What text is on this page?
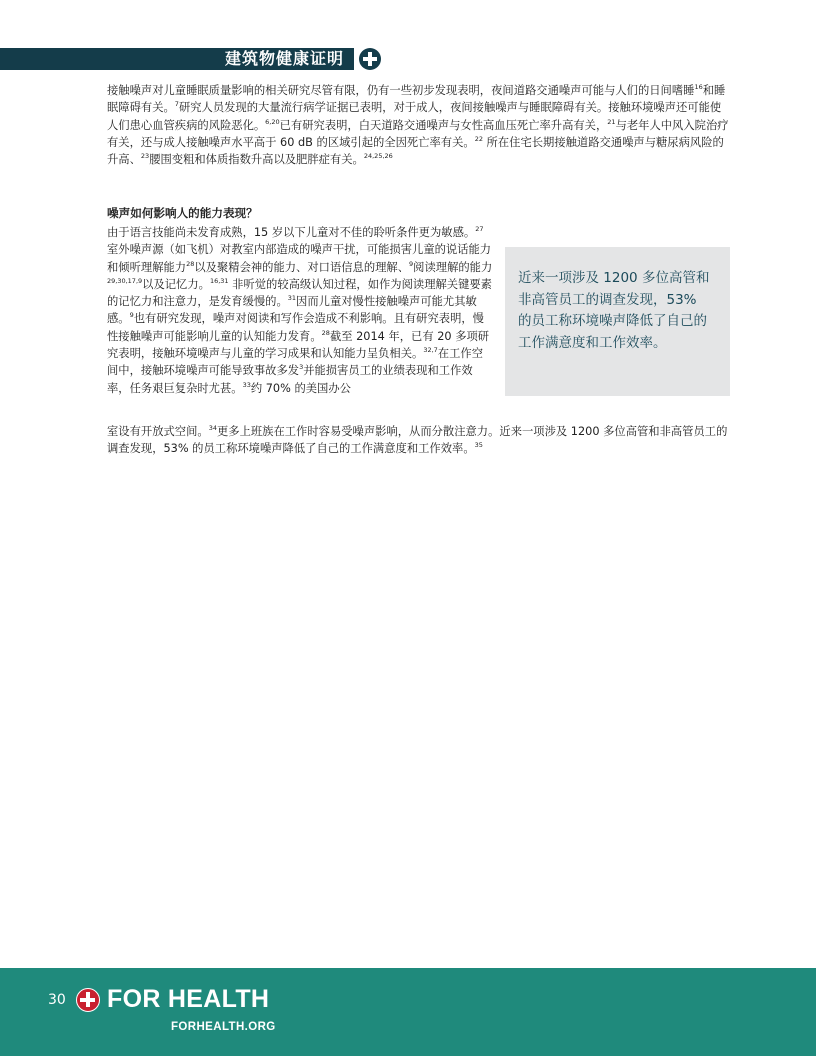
建筑物健康证明

接触噪声对儿童睡眠质量影响的相关研究尽管有限，仍有一些初步发现表明，夜间道路交通噪声可能与人们的日间嗜睡$^{16}$和睡眠障碍有关。$^7$研究人员发现的大量流行病学证据已表明，对于成人，夜间接触噪声与睡眠障碍有关。接触环境噪声还可能使人们患心血管疾病的风险恶化。$^{6,20}$已有研究表明，白天道路交通噪声与女性高血压死亡率升高有关，$^{21}$与老年人中风入院治疗有关，还与成人接触噪声水平高于 60 dB 的区域引起的全因死亡率有关。$^{22}$ 所在住宅长期接触道路交通噪声与糖尿病风险的升高、$^{23}$腰围变粗和体质指数升高以及肥胖症有关。$^{24,25,26}$

噪声如何影响人的能力表现？

由于语言技能尚未发育成熟，15 岁以下儿童对不佳的聆听条件更为敏感。$^{27}$室外噪声源（如飞机）对教室内部造成的噪声干扰，可能损害儿童的说话能力和倾听理解能力$^{28}$以及聚精会神的能力、对口语信息的理解、$^9$阅读理解的能力$^{29,30,17,9}$以及记忆力。$^{16,31}$ 非听觉的较高级认知过程，如作为阅读理解关键要素的记忆力和注意力，是发育缓慢的。$^{31}$因而儿童对慢性接触噪声可能尤其敏感。$^9$也有研究发现，噪声对阅读和写作会造成不利影响。且有研究表明，慢性接触噪声可能影响儿童的认知能力发育。$^{28}$截至 2014 年，已有 20 多项研究表明，接触环境噪声与儿童的学习成果和认知能力呈负相关。$^{32,7}$在工作空间中，接触环境噪声可能导致事故多发$^3$并能损害员工的业绩表现和工作效率，任务艰巨复杂时尤甚。$^{33}$约 70% 的美国办公

近来一项涉及 1200 多位高管和非高管员工的调查发现，53% 的员工称环境噪声降低了自己的工作满意度和工作效率。

室设有开放式空间。$^{34}$更多上班族在工作时容易受噪声影响，从而分散注意力。近来一项涉及 1200 多位高管和非高管员工的调查发现，53% 的员工称环境噪声降低了自己的工作满意度和工作效率。$^{35}$

30 FOR HEALTH
FORHEALTH.ORG
